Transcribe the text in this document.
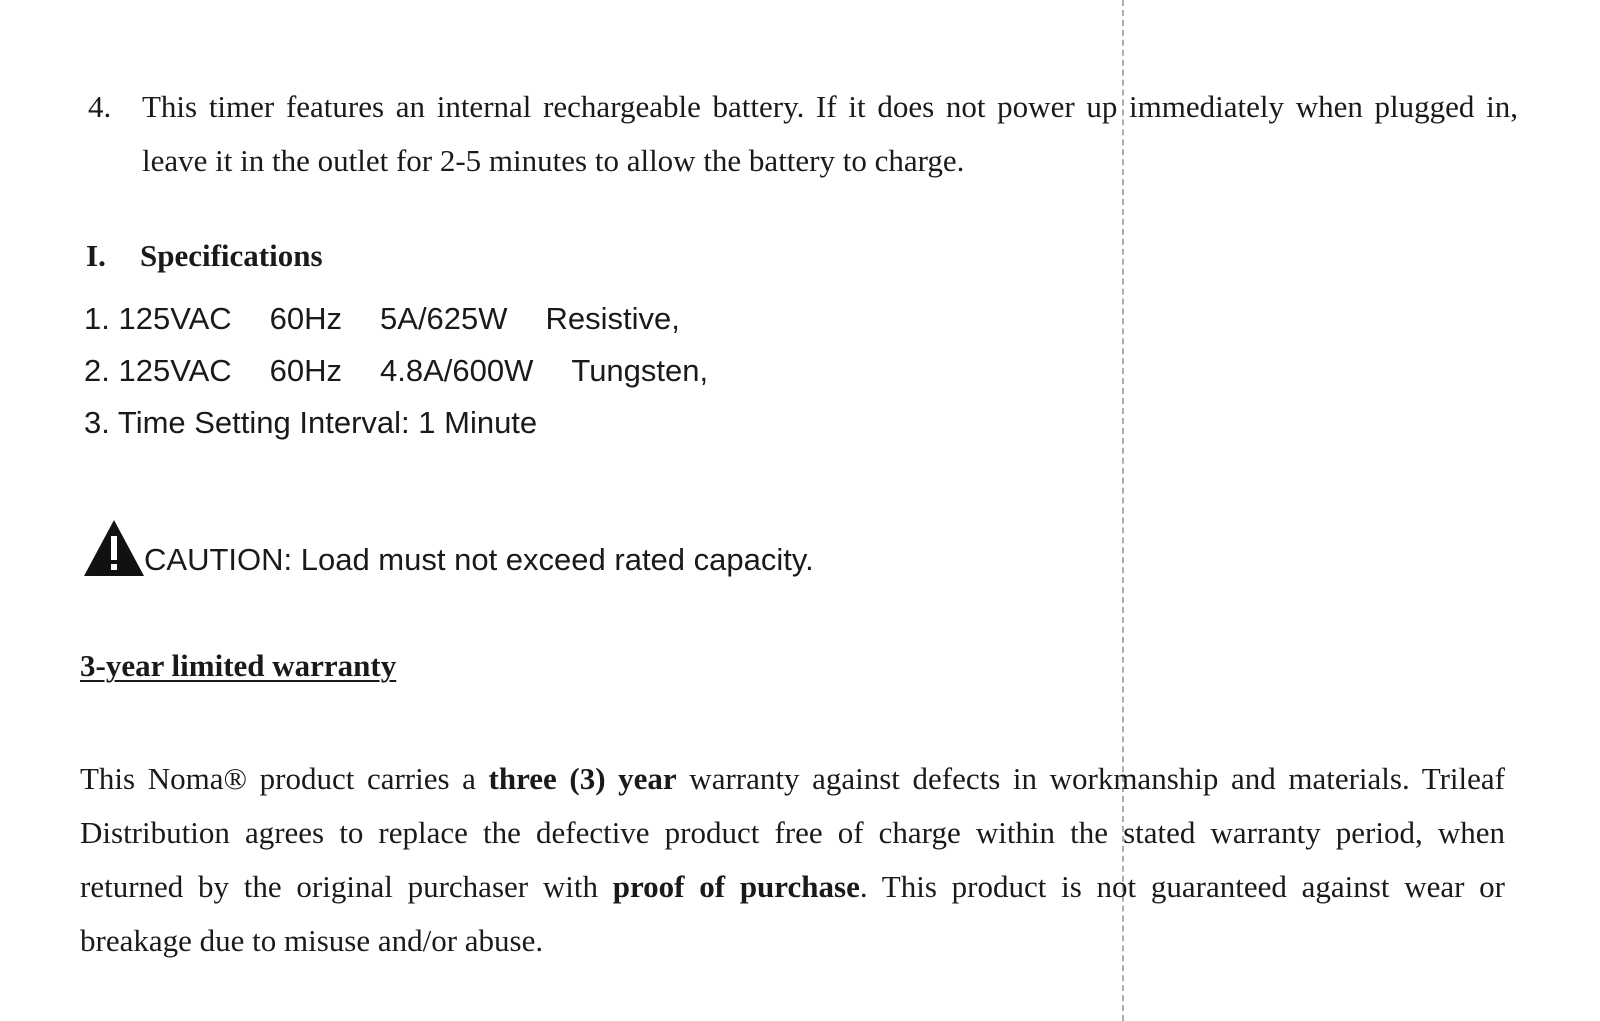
4. This timer features an internal rechargeable battery. If it does not power up immediately when plugged in, leave it in the outlet for 2-5 minutes to allow the battery to charge.
I. Specifications
1. 125VAC 60Hz 5A/625W Resistive,
2. 125VAC 60Hz 4.8A/600W Tungsten,
3. Time Setting Interval: 1 Minute
CAUTION: Load must not exceed rated capacity.
3-year limited warranty
This Noma® product carries a three (3) year warranty against defects in workmanship and materials. Trileaf Distribution agrees to replace the defective product free of charge within the stated warranty period, when returned by the original purchaser with proof of purchase. This product is not guaranteed against wear or breakage due to misuse and/or abuse.
